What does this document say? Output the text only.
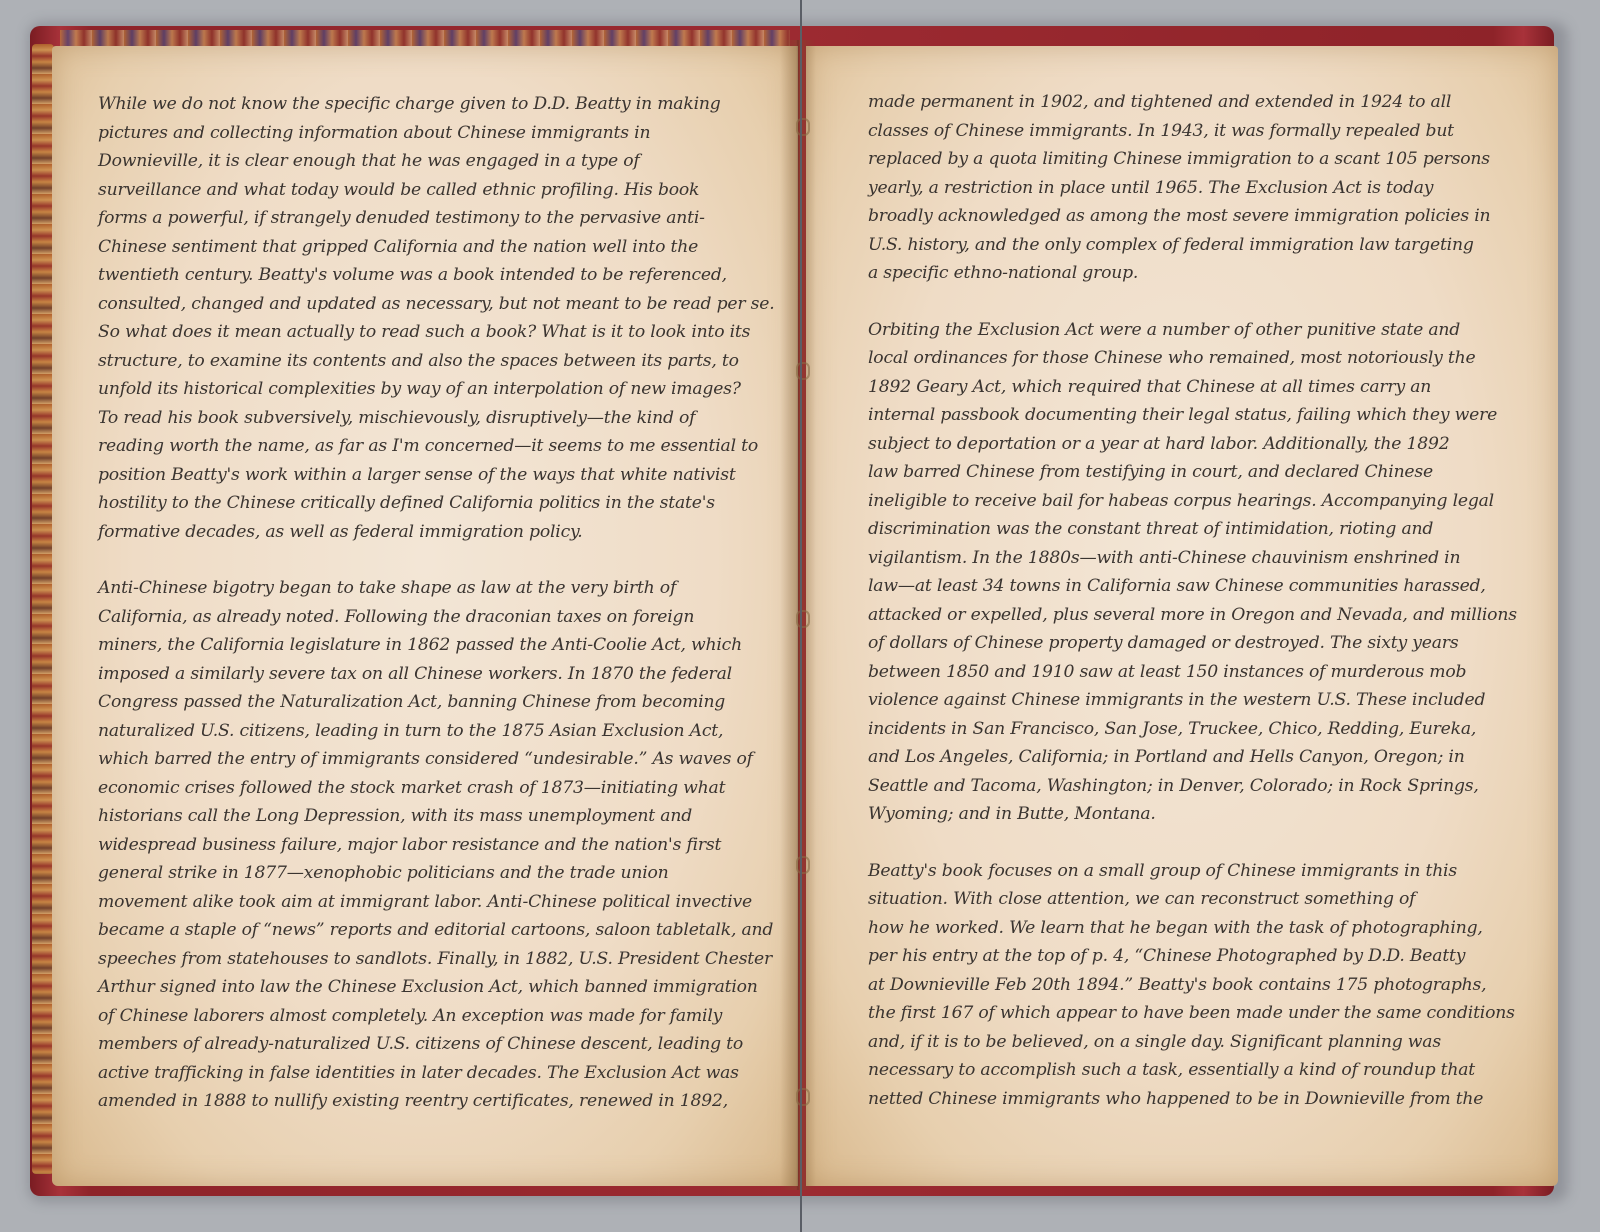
While we do not know the specific charge given to D.D. Beatty in making
pictures and collecting information about Chinese immigrants in
Downieville, it is clear enough that he was engaged in a type of
surveillance and what today would be called ethnic profiling. His book
forms a powerful, if strangely denuded testimony to the pervasive anti-
Chinese sentiment that gripped California and the nation well into the
twentieth century. Beatty's volume was a book intended to be referenced,
consulted, changed and updated as necessary, but not meant to be read per se.
So what does it mean actually to read such a book? What is it to look into its
structure, to examine its contents and also the spaces between its parts, to
unfold its historical complexities by way of an interpolation of new images?
To read his book subversively, mischievously, disruptively—the kind of
reading worth the name, as far as I'm concerned—it seems to me essential to
position Beatty's work within a larger sense of the ways that white nativist
hostility to the Chinese critically defined California politics in the state's
formative decades, as well as federal immigration policy.

Anti-Chinese bigotry began to take shape as law at the very birth of
California, as already noted. Following the draconian taxes on foreign
miners, the California legislature in 1862 passed the Anti-Coolie Act, which
imposed a similarly severe tax on all Chinese workers. In 1870 the federal
Congress passed the Naturalization Act, banning Chinese from becoming
naturalized U.S. citizens, leading in turn to the 1875 Asian Exclusion Act,
which barred the entry of immigrants considered “undesirable.” As waves of
economic crises followed the stock market crash of 1873—initiating what
historians call the Long Depression, with its mass unemployment and
widespread business failure, major labor resistance and the nation's first
general strike in 1877—xenophobic politicians and the trade union
movement alike took aim at immigrant labor. Anti-Chinese political invective
became a staple of “news” reports and editorial cartoons, saloon tabletalk, and
speeches from statehouses to sandlots. Finally, in 1882, U.S. President Chester
Arthur signed into law the Chinese Exclusion Act, which banned immigration
of Chinese laborers almost completely. An exception was made for family
members of already-naturalized U.S. citizens of Chinese descent, leading to
active trafficking in false identities in later decades. The Exclusion Act was
amended in 1888 to nullify existing reentry certificates, renewed in 1892,

made permanent in 1902, and tightened and extended in 1924 to all
classes of Chinese immigrants. In 1943, it was formally repealed but
replaced by a quota limiting Chinese immigration to a scant 105 persons
yearly, a restriction in place until 1965. The Exclusion Act is today
broadly acknowledged as among the most severe immigration policies in
U.S. history, and the only complex of federal immigration law targeting
a specific ethno-national group.

Orbiting the Exclusion Act were a number of other punitive state and
local ordinances for those Chinese who remained, most notoriously the
1892 Geary Act, which required that Chinese at all times carry an
internal passbook documenting their legal status, failing which they were
subject to deportation or a year at hard labor. Additionally, the 1892
law barred Chinese from testifying in court, and declared Chinese
ineligible to receive bail for habeas corpus hearings. Accompanying legal
discrimination was the constant threat of intimidation, rioting and
vigilantism. In the 1880s—with anti-Chinese chauvinism enshrined in
law—at least 34 towns in California saw Chinese communities harassed,
attacked or expelled, plus several more in Oregon and Nevada, and millions
of dollars of Chinese property damaged or destroyed. The sixty years
between 1850 and 1910 saw at least 150 instances of murderous mob
violence against Chinese immigrants in the western U.S. These included
incidents in San Francisco, San Jose, Truckee, Chico, Redding, Eureka,
and Los Angeles, California; in Portland and Hells Canyon, Oregon; in
Seattle and Tacoma, Washington; in Denver, Colorado; in Rock Springs,
Wyoming; and in Butte, Montana.

Beatty's book focuses on a small group of Chinese immigrants in this
situation. With close attention, we can reconstruct something of
how he worked. We learn that he began with the task of photographing,
per his entry at the top of p. 4, “Chinese Photographed by D.D. Beatty
at Downieville Feb 20th 1894.” Beatty's book contains 175 photographs,
the first 167 of which appear to have been made under the same conditions
and, if it is to be believed, on a single day. Significant planning was
necessary to accomplish such a task, essentially a kind of roundup that
netted Chinese immigrants who happened to be in Downieville from the
